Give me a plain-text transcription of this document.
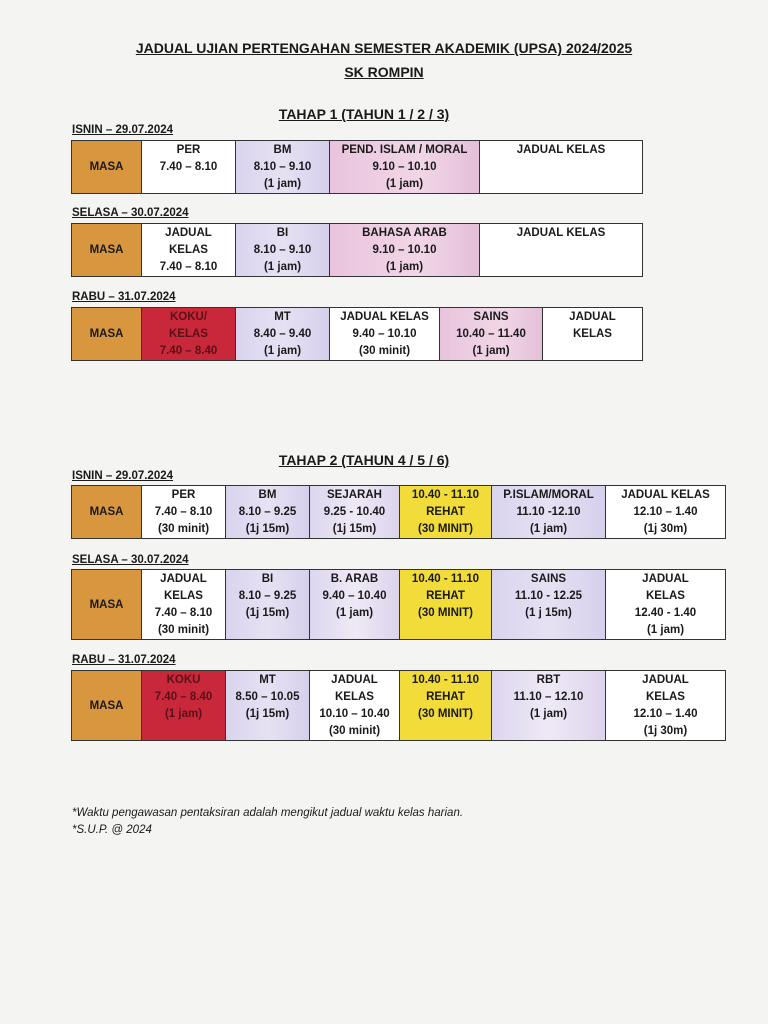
JADUAL UJIAN PERTENGAHAN SEMESTER AKADEMIK (UPSA) 2024/2025
SK ROMPIN
TAHAP 1 (TAHUN 1 / 2 / 3)
ISNIN – 29.07.2024
MASA	
PER
7.40 – 8.10

BM
8.10 – 9.10
(1 jam)

PEND. ISLAM / MORAL
9.10 – 10.10
(1 jam)

JADUAL KELAS
SELASA – 30.07.2024
MASA	
JADUAL
KELAS
7.40 – 8.10

BI
8.10 – 9.10
(1 jam)

BAHASA ARAB
9.10 – 10.10
(1 jam)

JADUAL KELAS
RABU – 31.07.2024
MASA	
KOKU/
KELAS
7.40 – 8.40

MT
8.40 – 9.40
(1 jam)

JADUAL KELAS
9.40 – 10.10
(30 minit)

SAINS
10.40 – 11.40
(1 jam)

JADUAL
KELAS
TAHAP 2 (TAHUN 4 / 5 / 6)
ISNIN – 29.07.2024
MASA	
PER
7.40 – 8.10
(30 minit)

BM
8.10 – 9.25
(1j 15m)

SEJARAH
9.25 - 10.40
(1j 15m)

10.40 - 11.10
REHAT
(30 MINIT)

P.ISLAM/MORAL
11.10 -12.10
(1 jam)

JADUAL KELAS
12.10 – 1.40
(1j 30m)
SELASA – 30.07.2024
MASA	
JADUAL
KELAS
7.40 – 8.10
(30 minit)

BI
8.10 – 9.25
(1j 15m)

B. ARAB
9.40 – 10.40
(1 jam)

10.40 - 11.10
REHAT
(30 MINIT)

SAINS
11.10 - 12.25
(1 j 15m)

JADUAL
KELAS
12.40 - 1.40
(1 jam)
RABU – 31.07.2024
MASA	
KOKU
7.40 – 8.40
(1 jam)

MT
8.50 – 10.05
(1j 15m)

JADUAL
KELAS
10.10 – 10.40
(30 minit)

10.40 - 11.10
REHAT
(30 MINIT)

RBT
11.10 – 12.10
(1 jam)

JADUAL
KELAS
12.10 – 1.40
(1j 30m)
*Waktu pengawasan pentaksiran adalah mengikut jadual waktu kelas harian.
*S.U.P. @ 2024
